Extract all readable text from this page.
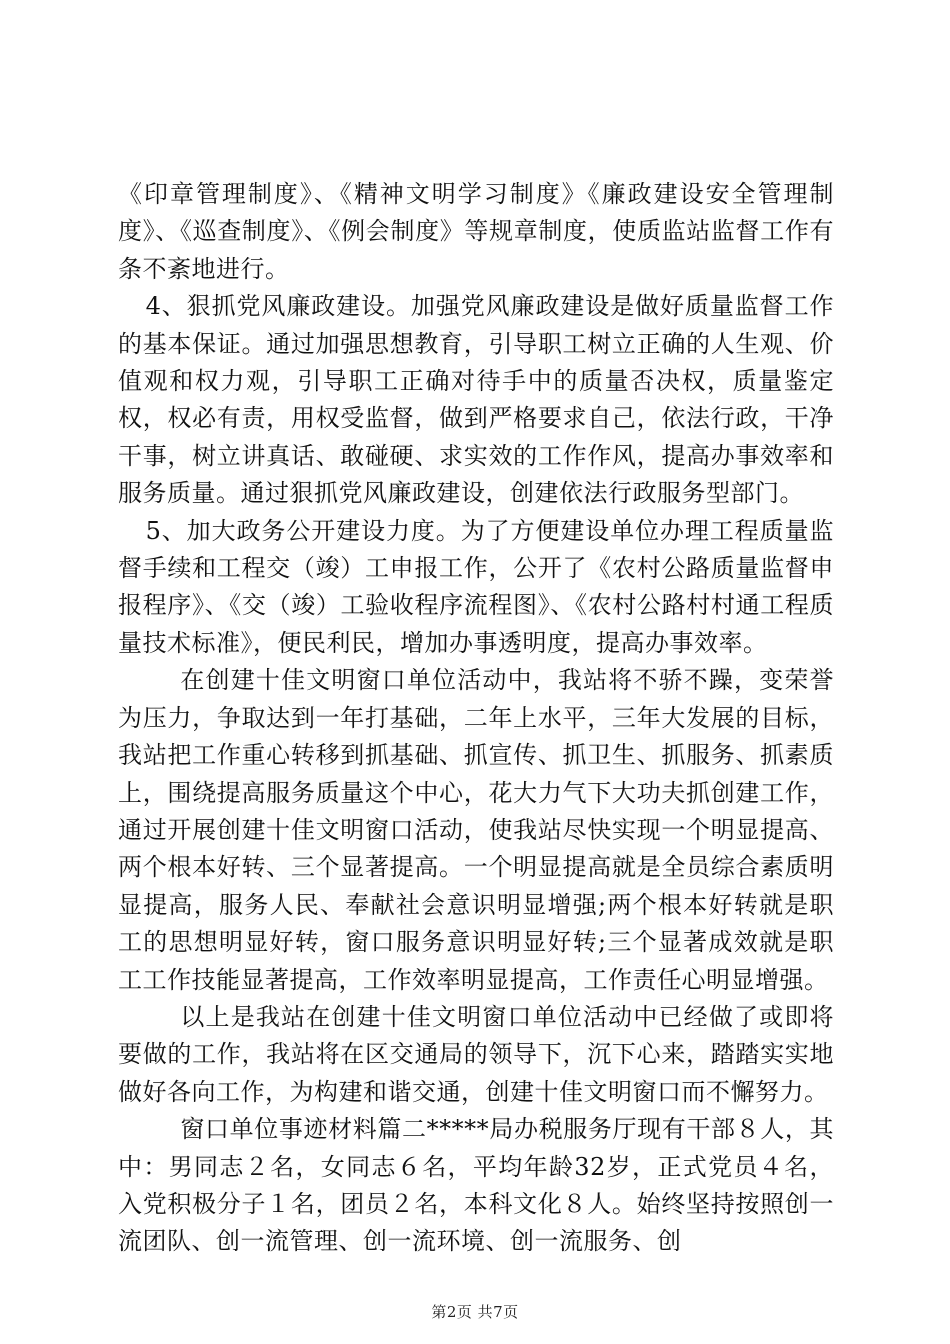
《印章管理制度》、《精神文明学习制度》《廉政建设安全管理制度》、《巡查制度》、《例会制度》等规章制度，使质监站监督工作有条不紊地进行。

4、狠抓党风廉政建设。加强党风廉政建设是做好质量监督工作的基本保证。通过加强思想教育，引导职工树立正确的人生观、价值观和权力观，引导职工正确对待手中的质量否决权，质量鉴定权，权必有责，用权受监督，做到严格要求自己，依法行政，干净干事，树立讲真话、敢碰硬、求实效的工作作风，提高办事效率和服务质量。通过狠抓党风廉政建设，创建依法行政服务型部门。

5、加大政务公开建设力度。为了方便建设单位办理工程质量监督手续和工程交（竣）工申报工作，公开了《农村公路质量监督申报程序》、《交（竣）工验收程序流程图》、《农村公路村村通工程质量技术标准》，便民利民，增加办事透明度，提高办事效率。

在创建十佳文明窗口单位活动中，我站将不骄不躁，变荣誉为压力，争取达到一年打基础，二年上水平，三年大发展的目标，我站把工作重心转移到抓基础、抓宣传、抓卫生、抓服务、抓素质上，围绕提高服务质量这个中心，花大力气下大功夫抓创建工作，通过开展创建十佳文明窗口活动，使我站尽快实现一个明显提高、两个根本好转、三个显著提高。一个明显提高就是全员综合素质明显提高，服务人民、奉献社会意识明显增强;两个根本好转就是职工的思想明显好转，窗口服务意识明显好转;三个显著成效就是职工工作技能显著提高，工作效率明显提高，工作责任心明显增强。

以上是我站在创建十佳文明窗口单位活动中已经做了或即将要做的工作，我站将在区交通局的领导下，沉下心来，踏踏实实地做好各向工作，为构建和谐交通，创建十佳文明窗口而不懈努力。

窗口单位事迹材料篇二*****局办税服务厅现有干部８人，其中：男同志２名，女同志６名，平均年龄32岁，正式党员４名，入党积极分子１名，团员２名，本科文化８人。始终坚持按照创一流团队、创一流管理、创一流环境、创一流服务、创

第2页 共7页
